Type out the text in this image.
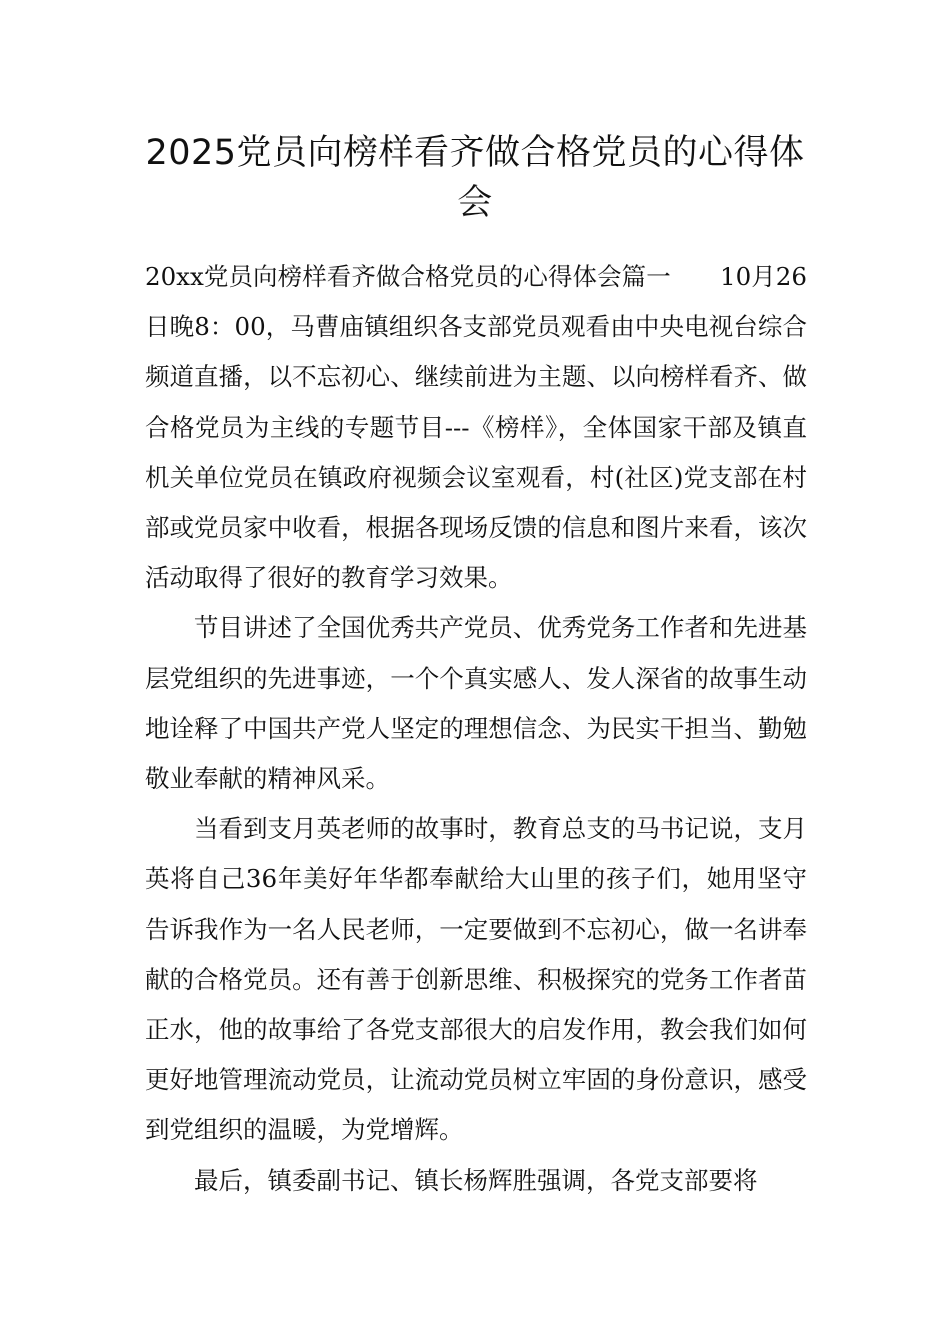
2025党员向榜样看齐做合格党员的心得体会

20xx党员向榜样看齐做合格党员的心得体会篇一　　10月26日晚8：00，马曹庙镇组织各支部党员观看由中央电视台综合频道直播，以不忘初心、继续前进为主题、以向榜样看齐、做合格党员为主线的专题节目---《榜样》，全体国家干部及镇直机关单位党员在镇政府视频会议室观看，村(社区)党支部在村部或党员家中收看，根据各现场反馈的信息和图片来看，该次活动取得了很好的教育学习效果。

节目讲述了全国优秀共产党员、优秀党务工作者和先进基层党组织的先进事迹，一个个真实感人、发人深省的故事生动地诠释了中国共产党人坚定的理想信念、为民实干担当、勤勉敬业奉献的精神风采。

当看到支月英老师的故事时，教育总支的马书记说，支月英将自己36年美好年华都奉献给大山里的孩子们，她用坚守告诉我作为一名人民老师，一定要做到不忘初心，做一名讲奉献的合格党员。还有善于创新思维、积极探究的党务工作者苗正水，他的故事给了各党支部很大的启发作用，教会我们如何更好地管理流动党员，让流动党员树立牢固的身份意识，感受到党组织的温暖，为党增辉。

最后，镇委副书记、镇长杨辉胜强调，各党支部要将
